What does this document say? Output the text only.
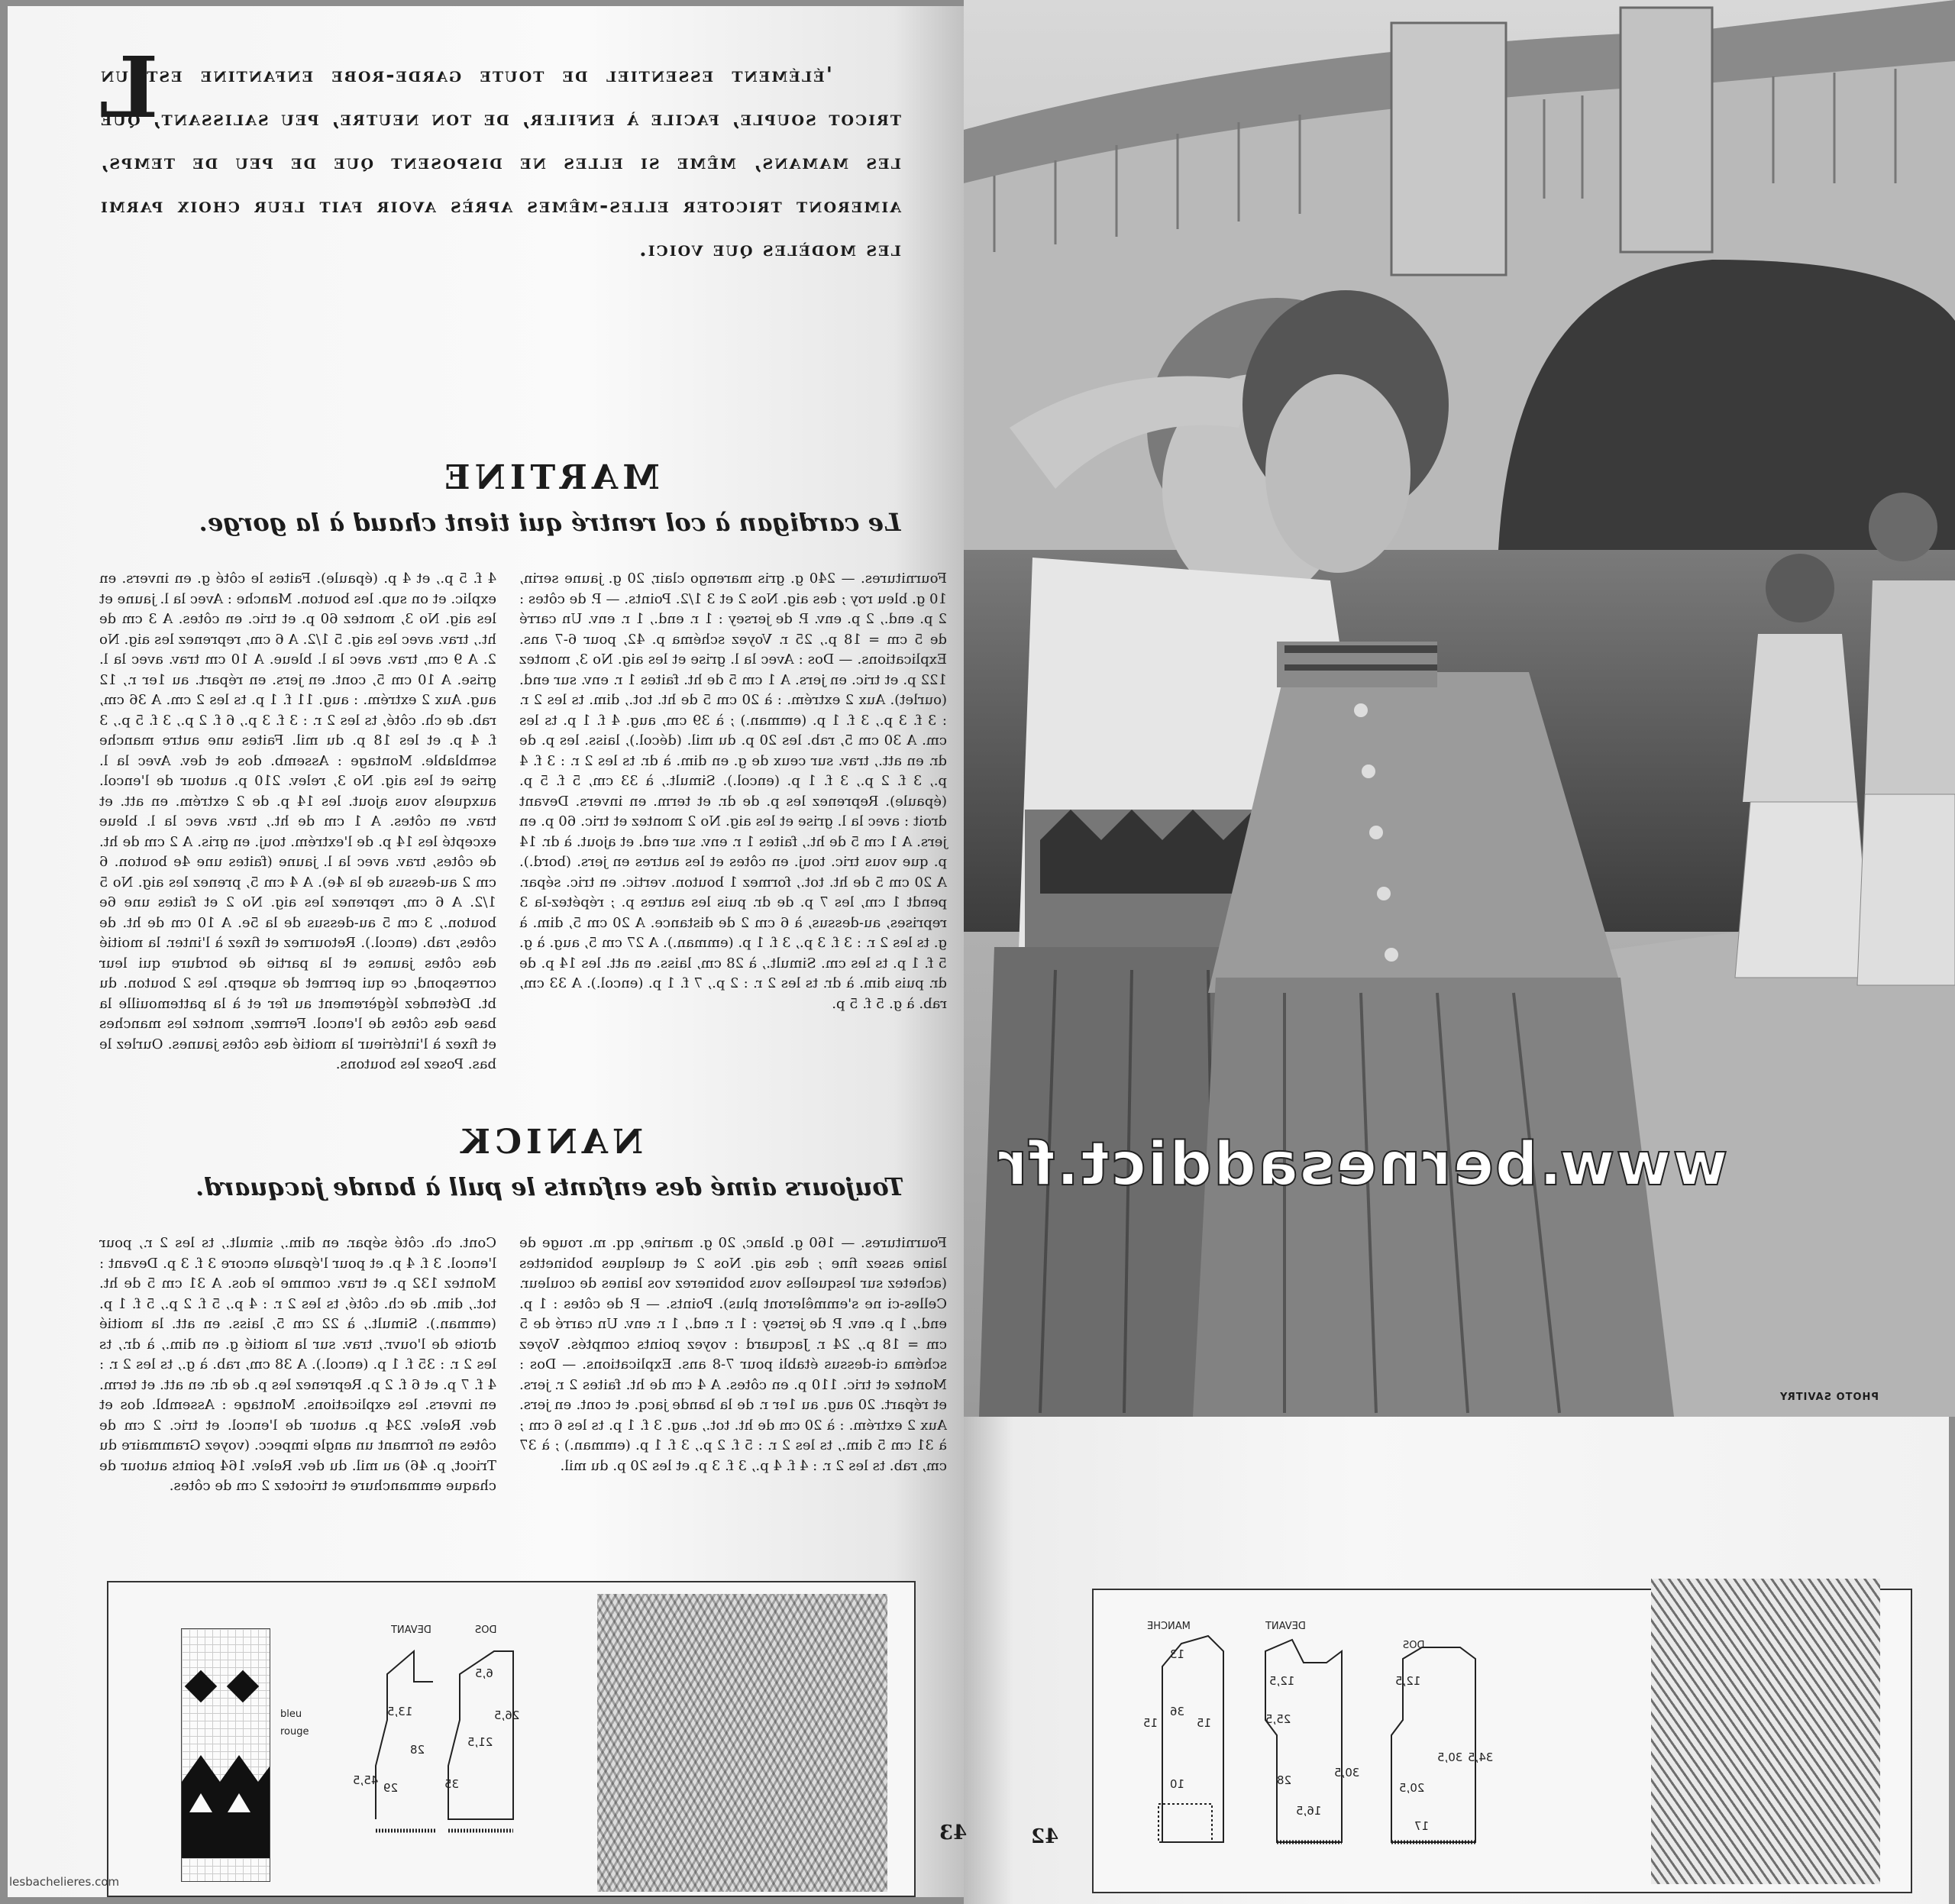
L
'élément essentiel de toute garde-robe enfantine est un tricot souple, facile à enfiler, de ton neutre, peu salissant, que les mamans, même si elles ne disposent que de peu de temps, aimeront tricoter elles-mêmes après avoir fait leur choix parmi les modèles que voici.
MARTINE
Le cardigan à col rentré qui tient chaud à la gorge.
Fournitures. — 240 g. gris marengo clair, 20 g. jaune serin, 10 g. bleu roy ; des aig. Nos 2 et 3 1/2. Points. — P. de côtes : 2 p. end., 2 p. env. P. de jersey : 1 r. end., 1 r. env. Un carré de 5 cm = 18 p., 25 r. Voyez schéma p. 42, pour 6-7 ans. Explications. — Dos : Avec la l. grise et les aig. No 3, montez 122 p. et tric. en jers. A 1 cm 5 de ht. faites 1 r. env. sur end. (ourlet). Aux 2 extrém. : à 20 cm 5 de ht. tot., dim. ts les 2 r. : 3 f. 3 p., 3 f. 1 p. (emman.) ; à 39 cm, aug. 4 f. 1 p. ts les cm. A 30 cm 5, rab. les 20 p. du mil. (décol.), laiss. les p. de dr. en att., trav. sur ceux de g. en dim. à dr. ts les 2 r. : 3 f. 4 p., 3 f. 2 p., 3 f. 1 p. (encol.). Simult., à 33 cm, 5 f. 5 p. (épaule). Reprenez les p. de dr. et term. en invers. Devant droit : avec la l. grise et les aig. No 2 montez et tric. 60 p. en jers. A 1 cm 5 de ht., faites 1 r. env. sur end. et ajout. à dr. 14 p. que vous tric. touj. en côtes et les autres en jers. (bord.). A 20 cm 5 de ht. tot., formez 1 bouton. vertic. en tric. sépar. pendt 1 cm, les 7 p. de dr. puis les autres p. ; répétez-la 3 reprises, au-dessus, à 6 cm 2 de distance. A 20 cm 5, dim. à g. ts les 2 r. : 3 f. 3 p., 3 f. 1 p. (emman.). A 27 cm 5, aug. à g. 5 f. 1 p. ts les cm. Simult., à 28 cm, laiss. en att. les 14 p. de dr. puis dim. à dr. ts les 2 r. : 2 p., 7 f. 1 p. (encol.). A 33 cm, rab. à g. 5 f. 5 p.
4 f. 5 p., et 4 p. (épaule). Faites le côté g. en invers. en explic. et on sup. les bouton. Manche : Avec la l. jaune et les aig. No 3, montez 60 p. et tric. en côtes. A 3 cm de ht., trav. avec les aig. 5 1/2. A 6 cm, reprenez les aig. No 2. A 9 cm, trav. avec la l. bleue. A 10 cm trav. avec la l. grise. A 10 cm 5, cont. en jers. en répart. au 1er r., 12 aug. Aux 2 extrém. : aug. 11 f. 1 p. ts les 2 cm. A 36 cm, rab. de ch. côté, ts les 2 r. : 3 f. 3 p., 6 f. 2 p., 3 f. 5 p., 3 f. 4 p. et les 18 p. du mil. Faites une autre manche semblable. Montage : Assemb. dos et dev. Avec la l. grise et les aig. No 3, relev. 210 p. autour de l'encol. auxquels vous ajout. les 14 p. de 2 extrém. en att. et trav. en côtes. A 1 cm de ht., trav. avec la l. bleue excepté les 14 p. de l'extrém. touj. en gris. A 2 cm de ht. de côtes, trav. avec la l. jaune (faites une 4e bouton. 6 cm 2 au-dessus de la 4e). A 4 cm 5, prenez les aig. No 5 1/2. A 6 cm, reprenez les aig. No 2 et faites une 6e bouton., 3 cm 5 au-dessus de la 5e. A 10 cm de ht. de côtes, rab. (encol.). Retournez et fixez à l'inter. la moitié des côtes jaunes et la partie de bordure qui leur correspond, ce qui permet de superp. les 2 bouton. du bt. Détendez légèrement au fer et à la pattemouille la base des côtes de l'encol. Fermez, montez les manches et fixez à l'intérieur la moitié des côtes jaunes. Ourlez le bas. Posez les boutons.
NANICK
Toujours aimé des enfants le pull à bande jacquard.
Fournitures. — 160 g. blanc, 20 g. marine, qq. m. rouge de laine assez fine ; des aig. Nos 2 et quelques bobinettes (achetez sur lesquelles vous bobinerez vos laines de couleur. Celles-ci ne s'emmêleront plus). Points. — P. de côtes : 1 p. end., 1 p. env. P. de jersey : 1 r. end., 1 r. env. Un carré de 5 cm = 18 p., 24 r. Jacquard : voyez points comptés. Voyez schéma ci-dessus établi pour 7-8 ans. Explications. — Dos : Montez et tric. 110 p. en côtes. A 4 cm de ht. faites 2 r. jers. et répart. 20 aug. au 1er r. de la bande jacq. et cont. en jers. Aux 2 extrém. : à 20 cm de ht. tot., aug. 3 f. 1 p. ts les 6 cm ; à 31 cm 5 dim., ts les 2 r. : 5 f. 2 p., 3 f. 1 p. (emman.) ; à 37 cm, rab. ts les 2 r. : 4 f. 4 p., 3 f. 3 p. et les 20 p. du mil.
Cont. ch. côté sépar. en dim., simult., ts les 2 r., pour l'encol. 3 f. 4 p. et pour l'épaule encore 3 f. 3 p. Devant : Montez 132 p. et trav. comme le dos. A 31 cm 5 de ht. tot., dim. de ch. côté, ts les 2 r. : 4 p., 5 f. 2 p., 5 f. 1 p. (emman.). Simult., à 22 cm 5, laiss. en att. la moitié droite de l'ouvr., trav. sur la moitié g. en dim., à dr., ts les 2 r. : 35 f. 1 p. (encol.). A 38 cm, rab. à g., ts les 2 r. : 4 f. 7 p. et 6 f. 2 p. Reprenez les p. de dr. en att. et term. en invers. les explications. Montage : Assembl. dos et dev. Relev. 234 p. autour de l'encol. et tric. 2 cm de côtes en formant un angle impecc. (voyez Grammaire du Tricot, p. 46) au mil. du dev. Relev. 164 points autour de chaque emmanchure et tricotez 2 cm de côtes.
bleu
rouge
DOS
DEVANT
13,5
28
29	35
21,5
6,5
26,5
45,5
MANCHE	DEVANT
DOS
12,5
12,5
13
34,5
30,5
30,5
20,5
28
16,5
17
25,5
36
10
15
15
43	42
PHOTO SAVITRY
www.bernesaddict.fr
lesbachelieres.com
